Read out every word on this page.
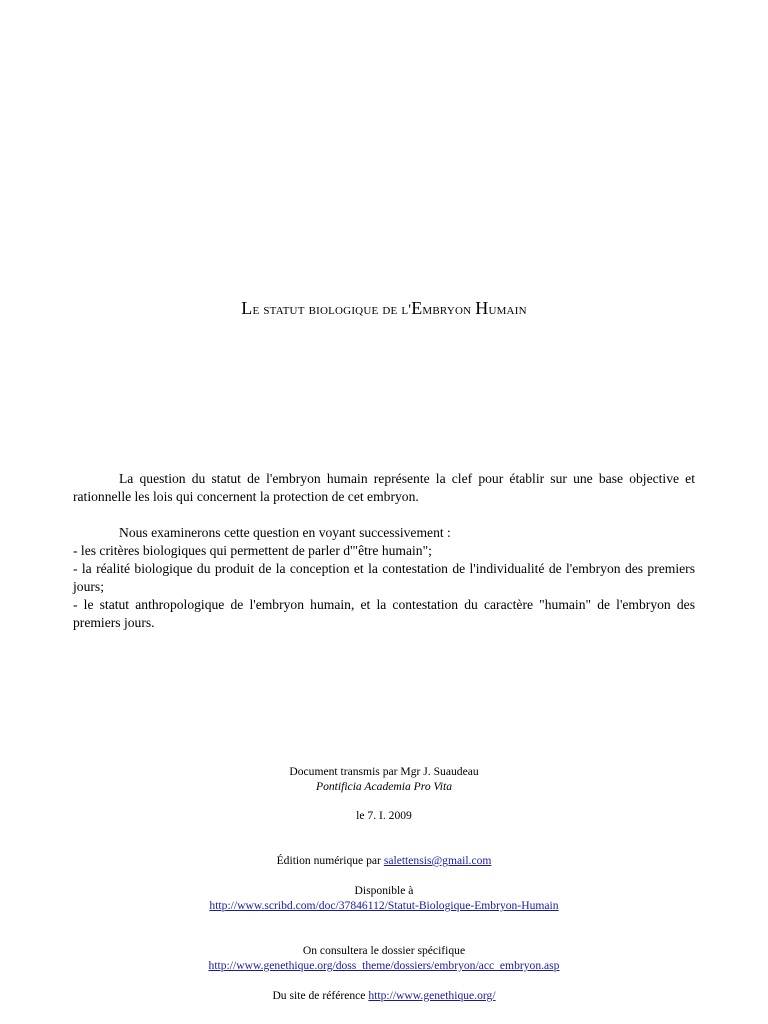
Le statut biologique de l'Embryon Humain
La question du statut de l'embryon humain représente la clef pour établir sur une base objective et rationnelle les lois qui concernent la protection de cet embryon.
Nous examinerons cette question en voyant successivement :
- les critères biologiques qui permettent de parler d'"être humain";
- la réalité biologique du produit de la conception et la contestation de l'individualité de l'embryon des premiers jours;
- le statut anthropologique de l'embryon humain, et la contestation du caractère "humain" de l'embryon des premiers jours.
Document transmis par Mgr J. Suaudeau
Pontificia Academia Pro Vita
le 7. I. 2009
Édition numérique par salettensis@gmail.com
Disponible à
http://www.scribd.com/doc/37846112/Statut-Biologique-Embryon-Humain
On consultera le dossier spécifique
http://www.genethique.org/doss_theme/dossiers/embryon/acc_embryon.asp
Du site de référence http://www.genethique.org/
